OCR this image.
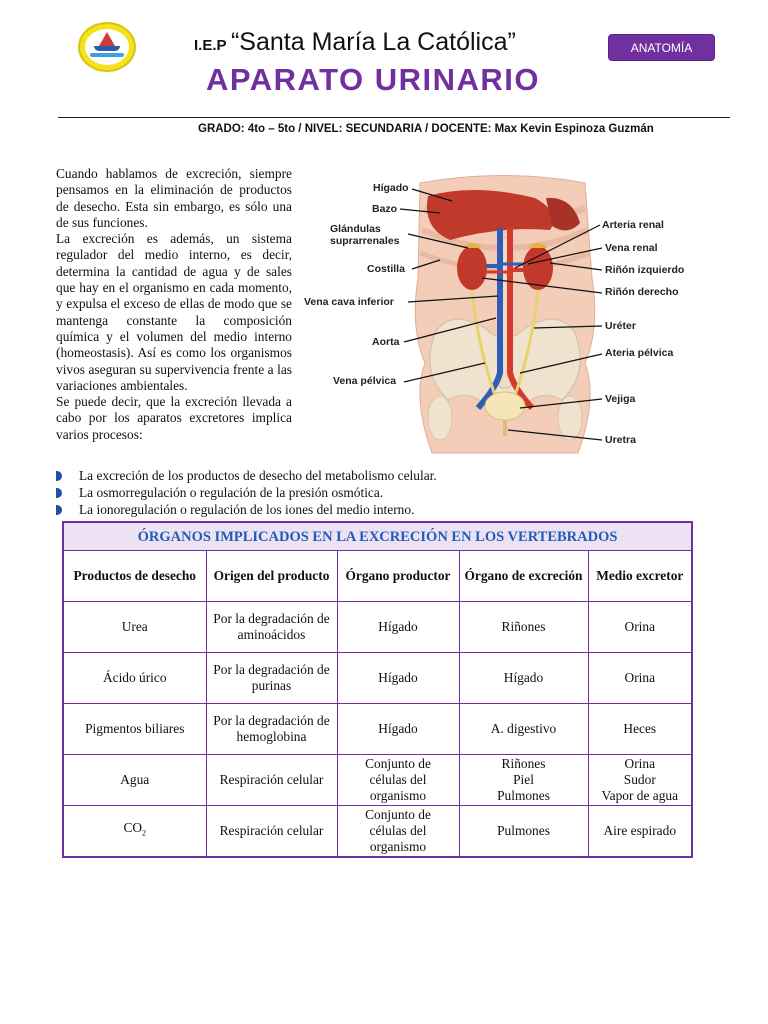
I.E.P “Santa María La Católica”
APARATO URINARIO
ANATOMÍA
GRADO: 4to – 5to / NIVEL: SECUNDARIA / DOCENTE: Max Kevin Espinoza Guzmán

Cuando hablamos de excreción, siempre pensamos en la eliminación de productos de desecho. Esta sin embargo, es sólo una de sus funciones.

La excreción es además, un sistema regulador del medio interno, es decir, determina la cantidad de agua y de sales que hay en el organismo en cada momento, y expulsa el exceso de ellas de modo que se mantenga constante la composición química y el volumen del medio interno (homeostasis). Así es como los organismos vivos aseguran su supervivencia frente a las variaciones ambientales.

Se puede decir, que la excreción llevada a cabo por los aparatos excretores implica varios procesos:

Hígado
Bazo
Glándulas
suprarrenales
Costilla
Vena cava inferior
Aorta
Vena pélvica
Arteria renal
Vena renal
Riñón izquierdo
Riñón derecho
Uréter
Ateria pélvica
Vejiga
Uretra
La excreción de los productos de desecho del metabolismo celular.
La osmorregulación o regulación de la presión osmótica.
La ionoregulación o regulación de los iones del medio interno.
ÓRGANOS IMPLICADOS EN LA EXCRECIÓN EN LOS VERTEBRADOS				
Productos de desecho	Origen del producto	Órgano productor	Órgano de excreción	Medio excretor
Urea	Por la degradación de aminoácidos	Hígado	Riñones	Orina
Ácido úrico	Por la degradación de purinas	Hígado	Hígado	Orina
Pigmentos biliares	Por la degradación de hemoglobina	Hígado	A. digestivo	Heces
Agua	Respiración celular	Conjunto de
células del
organismo	Riñones
Piel
Pulmones	Orina
Sudor
Vapor de agua

$CO_2$	Respiración celular	Conjunto de
células del
organismo	Pulmones	Aire espirado
